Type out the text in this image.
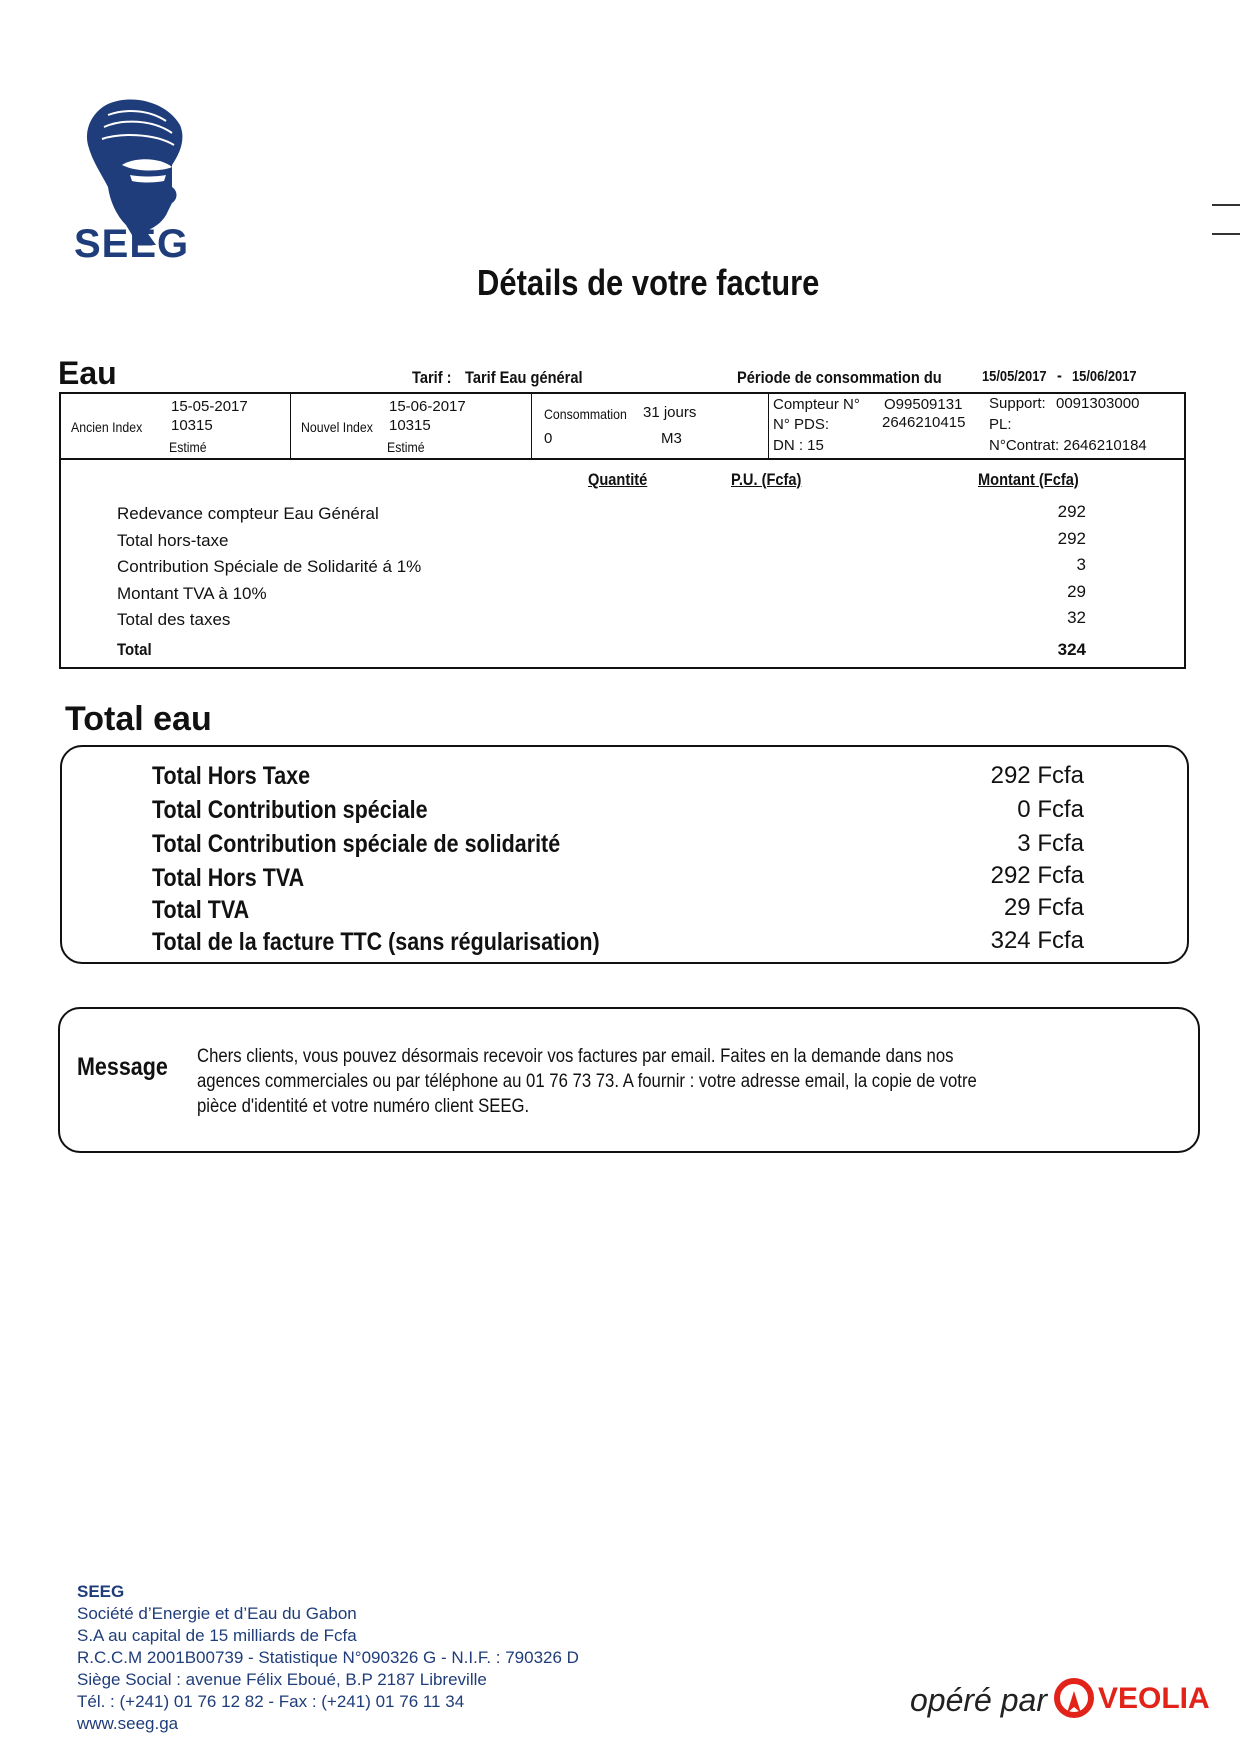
SEEG
Détails de votre facture
Eau	Tarif : Tarif Eau général	Période de consommation du	15/05/2017 - 15/06/2017
15-05-2017
Ancien Index 10315
Estimé
15-06-2017
Nouvel Index 10315
Estimé
Consommation 31 jours
0	M3
Compteur N° O99509131
N° PDS:	2646210415
DN : 15
Support: 0091303000
PL:
N°Contrat: 2646210184
Quantité	P.U. (Fcfa)	Montant (Fcfa)
Redevance compteur Eau Général	292
Total hors-taxe	292
Contribution Spéciale de Solidarité á 1%	3
Montant TVA à 10%	29
Total des taxes	32
Total	324
Total eau
Total Hors Taxe	292 Fcfa
Total Contribution spéciale	0 Fcfa
Total Contribution spéciale de solidarité	3 Fcfa
Total Hors TVA	292 Fcfa
Total TVA	29 Fcfa
Total de la facture TTC (sans régularisation)	324 Fcfa
Message Chers clients, vous pouvez désormais recevoir vos factures par email. Faites en la demande dans nos agences commerciales ou par téléphone au 01 76 73 73. A fournir : votre adresse email, la copie de votre pièce d'identité et votre numéro client SEEG.
SEEG
Société d’Energie et d’Eau du Gabon
S.A au capital de 15 milliards de Fcfa
R.C.C.M 2001B00739 - Statistique N°090326 G - N.I.F. : 790326 D
Siège Social : avenue Félix Eboué, B.P 2187 Libreville
Tél. : (+241) 01 76 12 82 - Fax : (+241) 01 76 11 34
www.seeg.ga
opéré par VEOLIA
